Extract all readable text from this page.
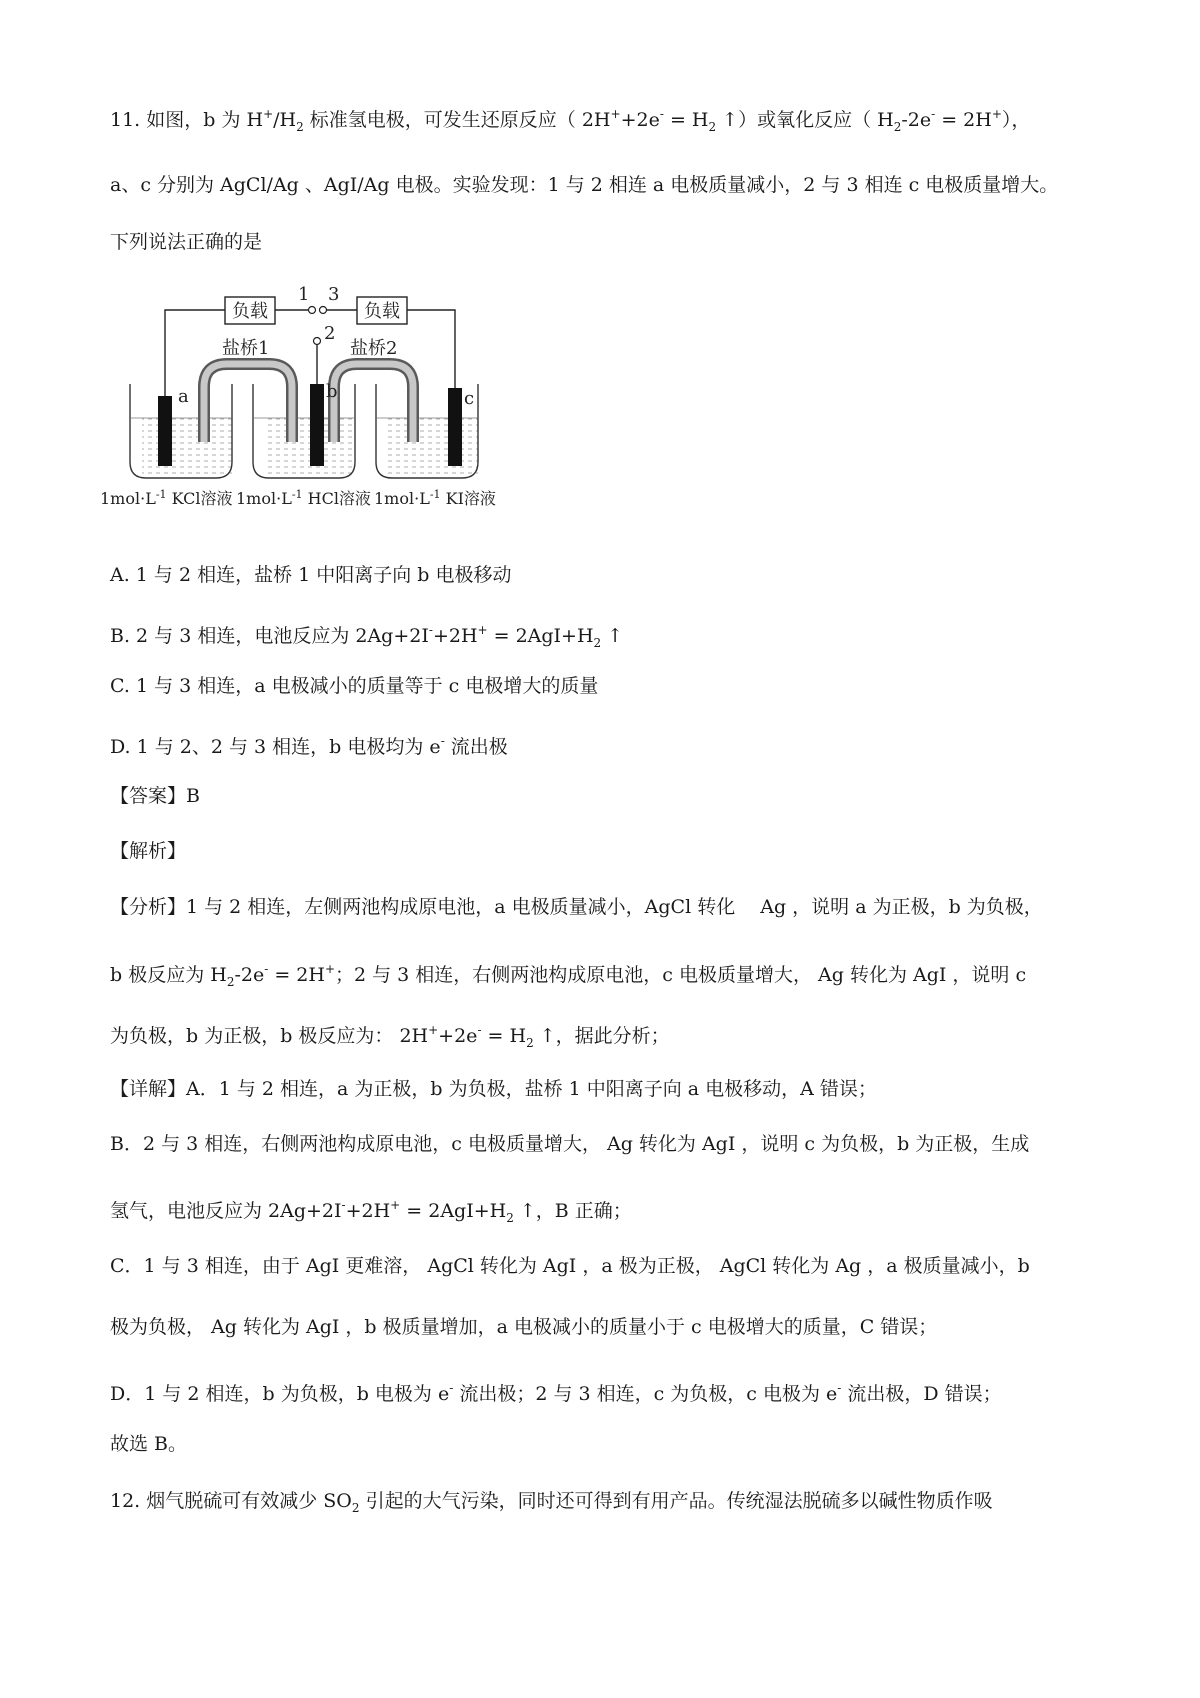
11. 如图，b 为 $H^+/H_2$ 标准氢电极，可发生还原反应（ $2H^++2e^- = H_2$ ↑）或氧化反应（ $H_2-2e^- = 2H^+$），
a、c 分别为 AgCl/Ag 、AgI/Ag 电极。实验发现：1 与 2 相连 a 电极质量减小，2 与 3 相连 c 电极质量增大。
下列说法正确的是
负载	负载
1 3
2
盐桥1	盐桥2
a	b	c
$1mol\cdot L^{-1}$ KCl溶液 $1mol\cdot L^{-1}$ HCl溶液 $1mol\cdot L^{-1}$ KI溶液
A. 1 与 2 相连，盐桥 1 中阳离子向 b 电极移动
B. 2 与 3 相连，电池反应为 $2Ag+2I^-+2H^+ = 2AgI+H_2$ ↑
C. 1 与 3 相连，a 电极减小的质量等于 c 电极增大的质量
D. 1 与 2、2 与 3 相连，b 电极均为 e- 流出极
【答案】B
【解析】
【分析】1 与 2 相连，左侧两池构成原电池，a 电极质量减小，AgCl 转化　 Ag ，说明 a 为正极，b 为负极，
b 极反应为 $H_2-2e^- = 2H^+$；2 与 3 相连，右侧两池构成原电池，c 电极质量增大， Ag 转化为 AgI ，说明 c
为负极，b 为正极，b 极反应为： $2H^++2e^- = H_2$ ↑，据此分析；
【详解】A．1 与 2 相连，a 为正极，b 为负极，盐桥 1 中阳离子向 a 电极移动，A 错误；
B．2 与 3 相连，右侧两池构成原电池，c 电极质量增大， Ag 转化为 AgI ，说明 c 为负极，b 为正极，生成
氢气，电池反应为 $2Ag+2I^-+2H^+ = 2AgI+H_2$ ↑，B 正确；
C．1 与 3 相连，由于 AgI 更难溶， AgCl 转化为 AgI ，a 极为正极， AgCl 转化为 Ag ，a 极质量减小，b
极为负极， Ag 转化为 AgI ，b 极质量增加，a 电极减小的质量小于 c 电极增大的质量，C 错误；
D．1 与 2 相连，b 为负极，b 电极为 e- 流出极；2 与 3 相连，c 为负极，c 电极为 e- 流出极，D 错误；
故选 B。
12. 烟气脱硫可有效减少 $SO_2$ 引起的大气污染，同时还可得到有用产品。传统湿法脱硫多以碱性物质作吸
